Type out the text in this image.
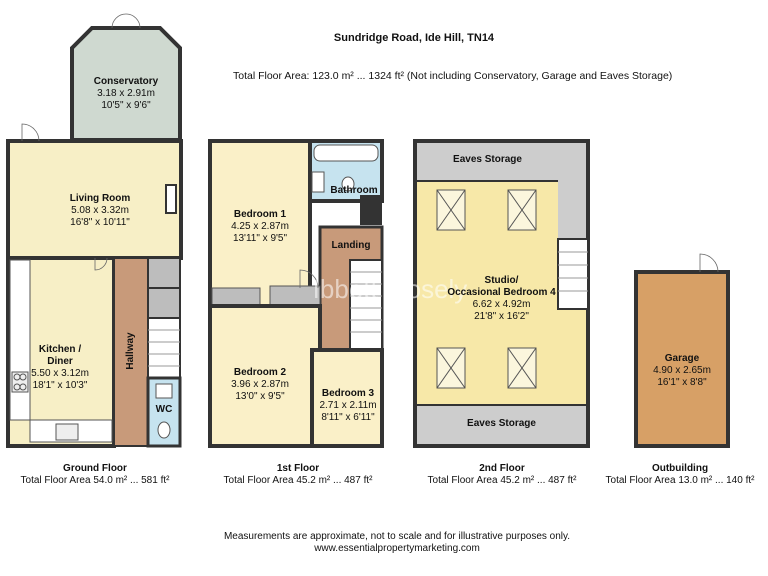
Sundridge Road, Ide Hill, TN14
Total Floor Area: 123.0 m² ... 1324 ft² (Not including Conservatory, Garage and Eaves Storage)
Ibbett Mosely
Conservatory
3.18 x 2.91m
10'5" x 9'6"
Living Room
5.08 x 3.32m
16'8" x 10'11"
Kitchen /
Diner
5.50 x 3.12m
18'1" x 10'3"
Hallway
WC
Bedroom 1
4.25 x 2.87m
13'11" x 9'5"
Bathroom
Landing
Bedroom 2
3.96 x 2.87m
13'0" x 9'5"	Bedroom 3
2.71 x 2.11m
8'11" x 6'11"
Eaves Storage
Studio/
Occasional Bedroom 4
6.62 x 4.92m
21'8" x 16'2"
Eaves Storage
Garage
4.90 x 2.65m
16'1" x 8'8"
Ground Floor
Total Floor Area 54.0 m² ... 581 ft²
1st Floor
Total Floor Area 45.2 m² ... 487 ft²
2nd Floor
Total Floor Area 45.2 m² ... 487 ft²
Outbuilding
Total Floor Area 13.0 m² ... 140 ft²
Measurements are approximate, not to scale and for illustrative purposes only.
www.essentialpropertymarketing.com
